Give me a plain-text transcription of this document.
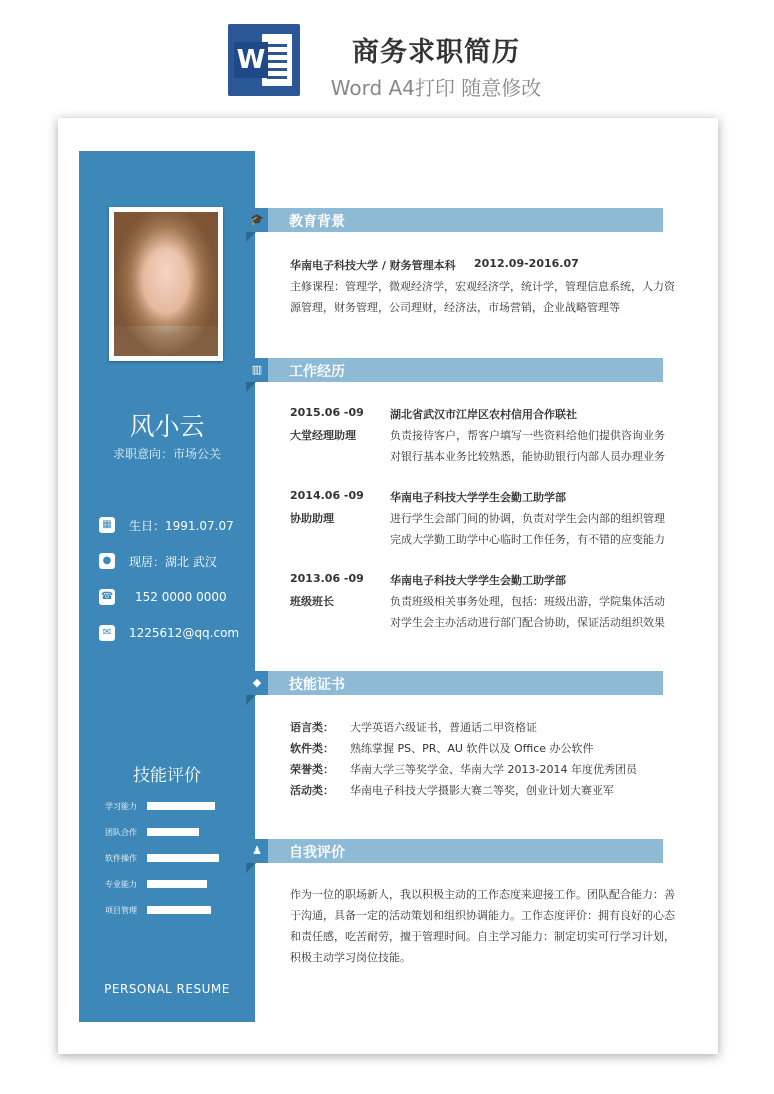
W	商务求职简历
Word A4打印 随意修改
风小云
求职意向：市场公关
▦ 生日：1991.07.07
●	现居：湖北 武汉
☎ 152 0000 0000
✉	1225612@qq.com
技能评价
学习能力
团队合作
软件操作
专业能力
项目管理
PERSONAL RESUME
🎓 教育背景
华南电子科技大学 / 财务管理本科 2012.09-2016.07
主修课程：管理学，微观经济学，宏观经济学，统计学，管理信息系统，人力资
源管理，财务管理，公司理财，经济法，市场营销，企业战略管理等
▥ 工作经历
2015.06 -09 湖北省武汉市江岸区农村信用合作联社
大堂经理助理	负责接待客户，帮客户填写一些资料给他们提供咨询业务
对银行基本业务比较熟悉，能协助银行内部人员办理业务
2014.06 -09 华南电子科技大学学生会勤工助学部
协助助理	进行学生会部门间的协调，负责对学生会内部的组织管理
完成大学勤工助学中心临时工作任务，有不错的应变能力
2013.06 -09 华南电子科技大学学生会勤工助学部
班级班长	负责班级相关事务处理，包括：班级出游，学院集体活动
对学生会主办活动进行部门配合协助，保证活动组织效果
◆ 技能证书
语言类： 大学英语六级证书，普通话二甲资格证
软件类： 熟练掌握 PS、PR、AU 软件以及 Office 办公软件
荣誉类： 华南大学三等奖学金、华南大学 2013-2014 年度优秀团员
活动类： 华南电子科技大学摄影大赛二等奖，创业计划大赛亚军
♟ 自我评价
作为一位的职场新人，我以积极主动的工作态度来迎接工作。团队配合能力：善
于沟通，具备一定的活动策划和组织协调能力。工作态度评价：拥有良好的心态
和责任感，吃苦耐劳，擅于管理时间。自主学习能力：制定切实可行学习计划，
积极主动学习岗位技能。
